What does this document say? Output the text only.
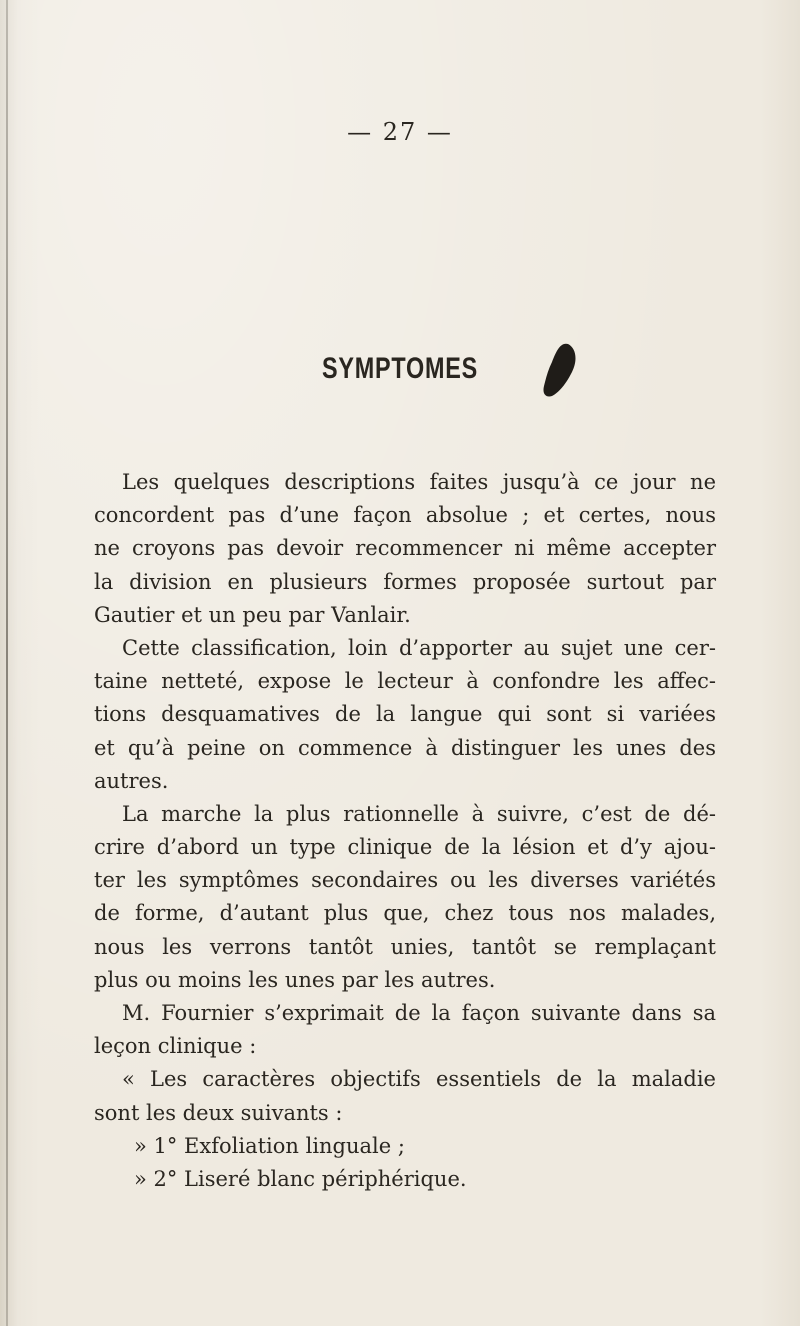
— 27 —
SYMPTOMES
Les quelques descriptions faites jusqu’à ce jour ne
concordent pas d’une façon absolue ; et certes, nous
ne croyons pas devoir recommencer ni même accepter
la division en plusieurs formes proposée surtout par
Gautier et un peu par Vanlair.
Cette classification, loin d’apporter au sujet une cer-
taine netteté, expose le lecteur à confondre les affec-
tions desquamatives de la langue qui sont si variées
et qu’à peine on commence à distinguer les unes des
autres.
La marche la plus rationnelle à suivre, c’est de dé-
crire d’abord un type clinique de la lésion et d’y ajou-
ter les symptômes secondaires ou les diverses variétés
de forme, d’autant plus que, chez tous nos malades,
nous les verrons tantôt unies, tantôt se remplaçant
plus ou moins les unes par les autres.
M. Fournier s’exprimait de la façon suivante dans sa
leçon clinique :
« Les caractères objectifs essentiels de la maladie
sont les deux suivants :
» 1° Exfoliation linguale ;
» 2° Liseré blanc périphérique.
